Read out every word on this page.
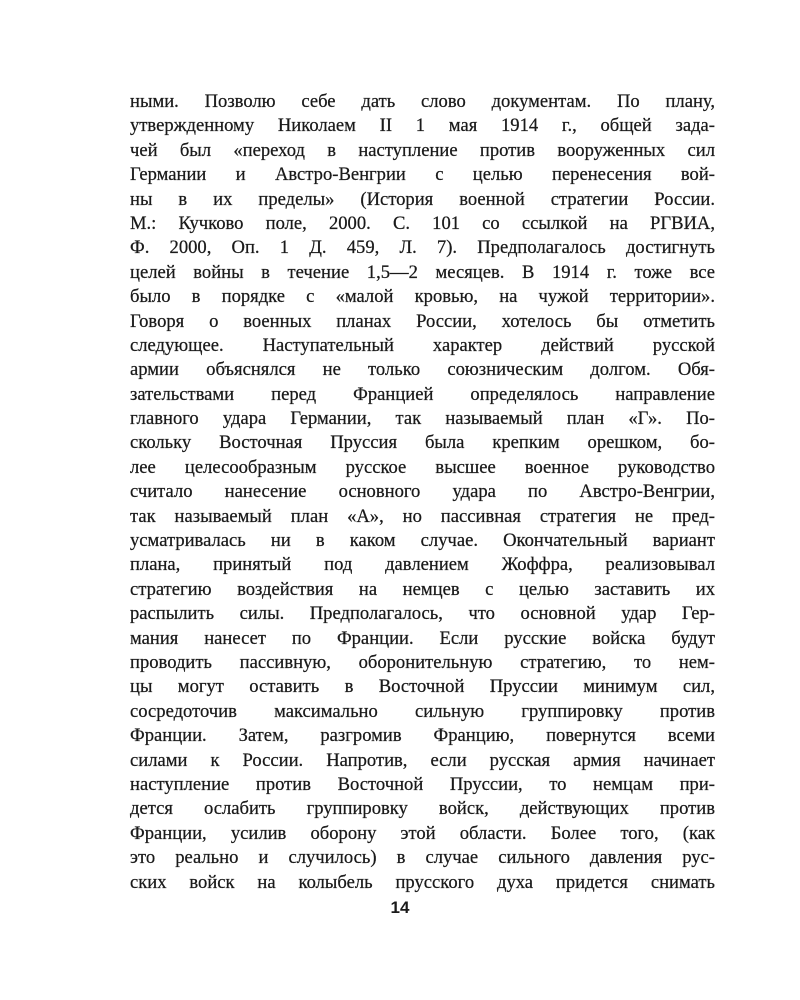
ными. Позволю себе дать слово документам. По плану,
утвержденному Николаем II 1 мая 1914 г., общей зада-
чей был «переход в наступление против вооруженных сил
Германии и Австро-Венгрии с целью перенесения вой-
ны в их пределы» (История военной стратегии России.
М.: Кучково поле, 2000. С. 101 со ссылкой на РГВИА,
Ф. 2000, Оп. 1 Д. 459, Л. 7). Предполагалось достигнуть
целей войны в течение 1,5—2 месяцев. В 1914 г. тоже все
было в порядке с «малой кровью, на чужой территории».
Говоря о военных планах России, хотелось бы отметить
следующее. Наступательный характер действий русской
армии объяснялся не только союзническим долгом. Обя-
зательствами перед Францией определялось направление
главного удара Германии, так называемый план «Г». По-
скольку Восточная Пруссия была крепким орешком, бо-
лее целесообразным русское высшее военное руководство
считало нанесение основного удара по Австро-Венгрии,
так называемый план «А», но пассивная стратегия не пред-
усматривалась ни в каком случае. Окончательный вариант
плана, принятый под давлением Жоффра, реализовывал
стратегию воздействия на немцев с целью заставить их
распылить силы. Предполагалось, что основной удар Гер-
мания нанесет по Франции. Если русские войска будут
проводить пассивную, оборонительную стратегию, то нем-
цы могут оставить в Восточной Пруссии минимум сил,
сосредоточив максимально сильную группировку против
Франции. Затем, разгромив Францию, повернутся всеми
силами к России. Напротив, если русская армия начинает
наступление против Восточной Пруссии, то немцам при-
дется ослабить группировку войск, действующих против
Франции, усилив оборону этой области. Более того, (как
это реально и случилось) в случае сильного давления рус-
ских войск на колыбель прусского духа придется снимать
14
